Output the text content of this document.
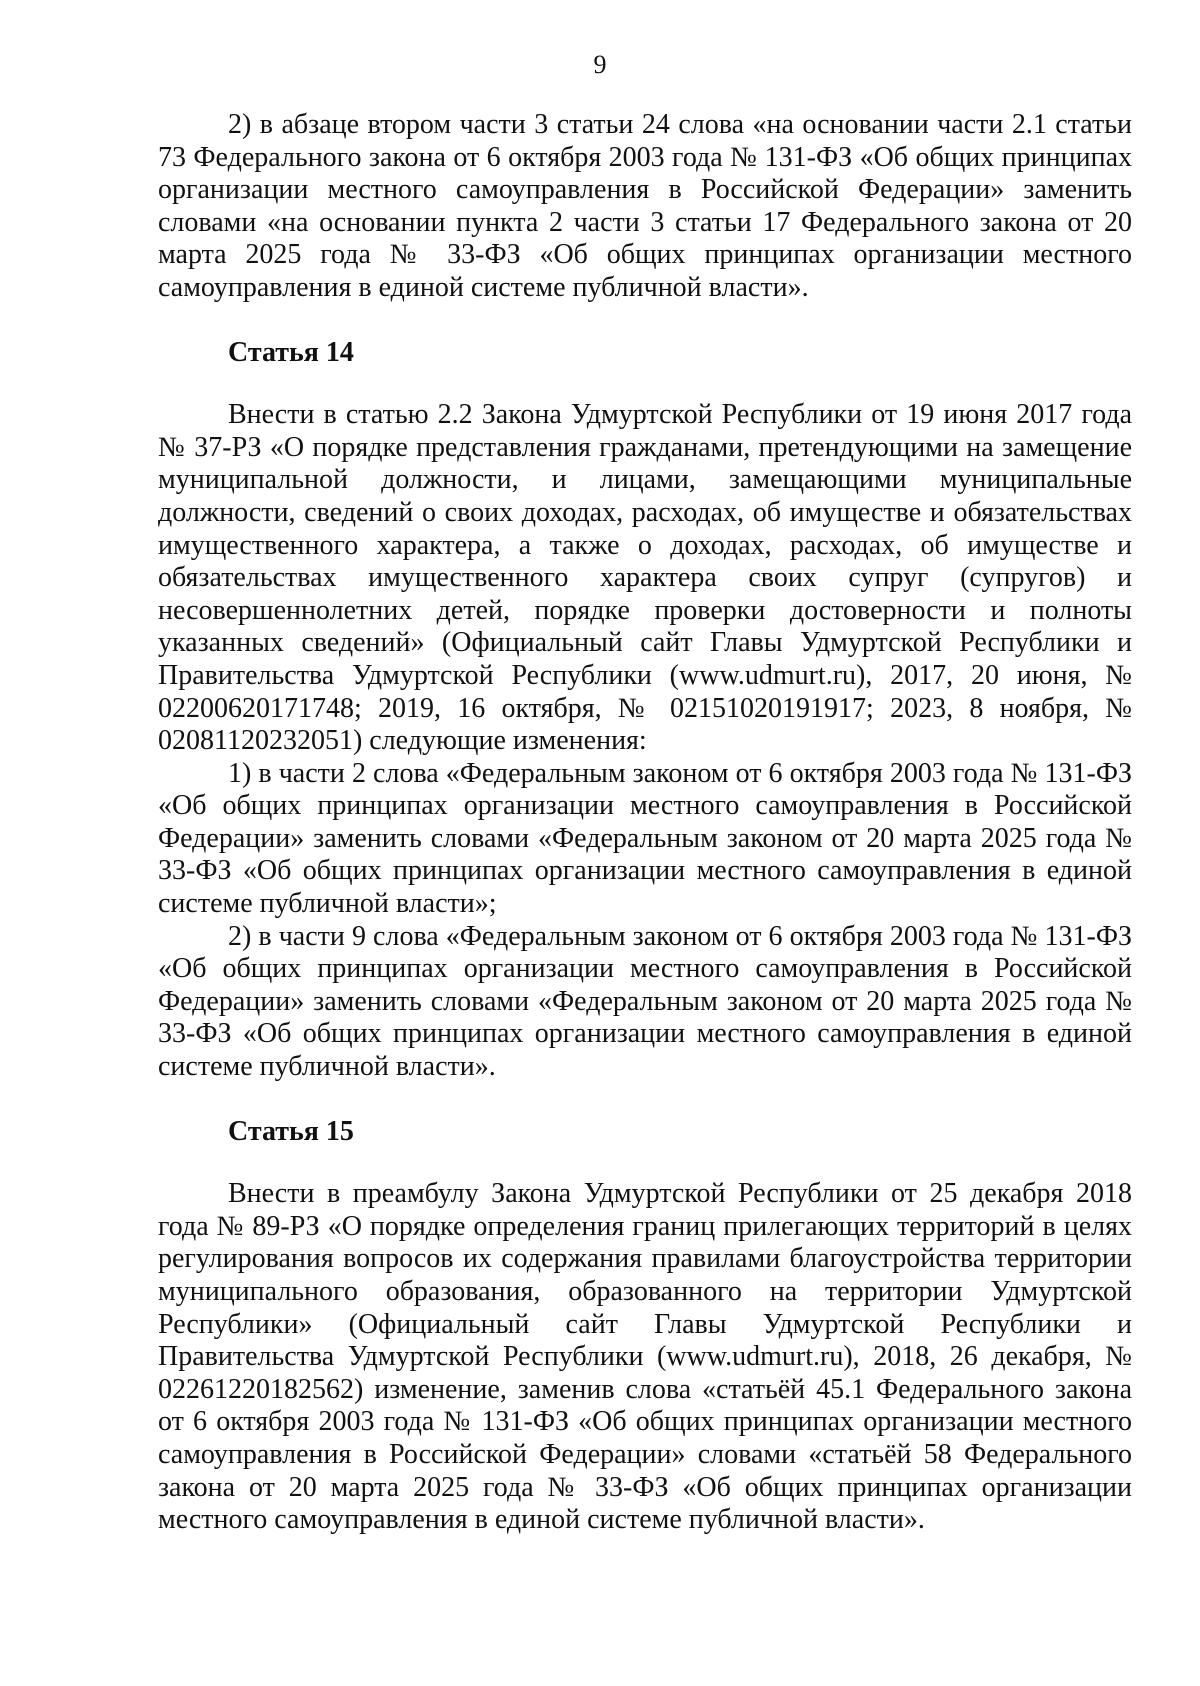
9

2) в абзаце втором части 3 статьи 24 слова «на основании части 2.1 статьи 73 Федерального закона от 6 октября 2003 года № 131-ФЗ «Об общих принципах организации местного самоуправления в Российской Федерации» заменить словами «на основании пункта 2 части 3 статьи 17 Федерального закона от 20 марта 2025 года № 33-ФЗ «Об общих принципах организации местного самоуправления в единой системе публичной власти».

Статья 14

Внести в статью 2.2 Закона Удмуртской Республики от 19 июня 2017 года № 37-РЗ «О порядке представления гражданами, претендующими на замещение муниципальной должности, и лицами, замещающими муниципальные должности, сведений о своих доходах, расходах, об имуществе и обязательствах имущественного характера, а также о доходах, расходах, об имуществе и обязательствах имущественного характера своих супруг (супругов) и несовершеннолетних детей, порядке проверки достоверности и полноты указанных сведений» (Официальный сайт Главы Удмуртской Республики и Правительства Удмуртской Республики (www.udmurt.ru), 2017, 20 июня, № 02200620171748; 2019, 16 октября, № 02151020191917; 2023, 8 ноября, № 02081120232051) следующие изменения:

1) в части 2 слова «Федеральным законом от 6 октября 2003 года № 131-ФЗ «Об общих принципах организации местного самоуправления в Российской Федерации» заменить словами «Федеральным законом от 20 марта 2025 года № 33-ФЗ «Об общих принципах организации местного самоуправления в единой системе публичной власти»;

2) в части 9 слова «Федеральным законом от 6 октября 2003 года № 131-ФЗ «Об общих принципах организации местного самоуправления в Российской Федерации» заменить словами «Федеральным законом от 20 марта 2025 года № 33-ФЗ «Об общих принципах организации местного самоуправления в единой системе публичной власти».

Статья 15

Внести в преамбулу Закона Удмуртской Республики от 25 декабря 2018 года № 89-РЗ «О порядке определения границ прилегающих территорий в целях регулирования вопросов их содержания правилами благоустройства территории муниципального образования, образованного на территории Удмуртской Республики» (Официальный сайт Главы Удмуртской Республики и Правительства Удмуртской Республики (www.udmurt.ru), 2018, 26 декабря, № 02261220182562) изменение, заменив слова «статьёй 45.1 Федерального закона от 6 октября 2003 года № 131-ФЗ «Об общих принципах организации местного самоуправления в Российской Федерации» словами «статьёй 58 Федерального закона от 20 марта 2025 года № 33-ФЗ «Об общих принципах организации местного самоуправления в единой системе публичной власти».
